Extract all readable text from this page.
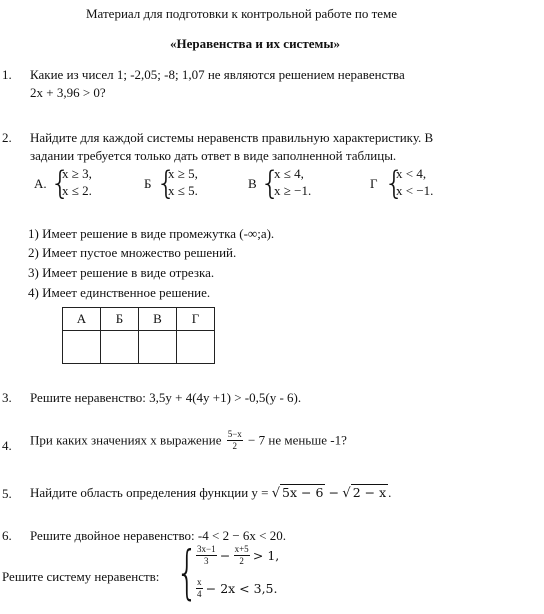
Материал для подготовки к контрольной работе по теме
«Неравенства и их системы»
1. Какие из чисел 1; -2,05; -8; 1,07 не являются решением неравенства
2x + 3,96 > 0?
2. Найдите для каждой системы неравенств правильную характеристику. В
задании требуется только дать ответ в виде заполненной таблицы.
А. {
x ≥ 3,
x ≤ 2.	Б {
x ≥ 5,
x ≤ 5.	В {
x ≤ 4,
x ≥ −1.	Г {
x < 4,
x < −1.
1) Имеет решение в виде промежутка (-∞;a).
2) Имеет пустое множество решений.
3) Имеет решение в виде отрезка.
4) Имеет единственное решение.
А	Б	В	Г

3. Решите неравенство: 3,5y + 4(4y +1) > -0,5(y - 6).
4. При каких значениях x выражение $\frac{5-x}{2} - 7$ не меньше -1?
5. Найдите область определения функции y = √ 5x − 6 − √ 2 − x .
6. Решите двойное неравенство: -4 < 2 − 6x < 20.
Решите систему неравенств: {
$\frac{3x-1}{3} - \frac{x+5}{2} > 1$,
$\frac{x}{4} - 2x < 3,5$.
